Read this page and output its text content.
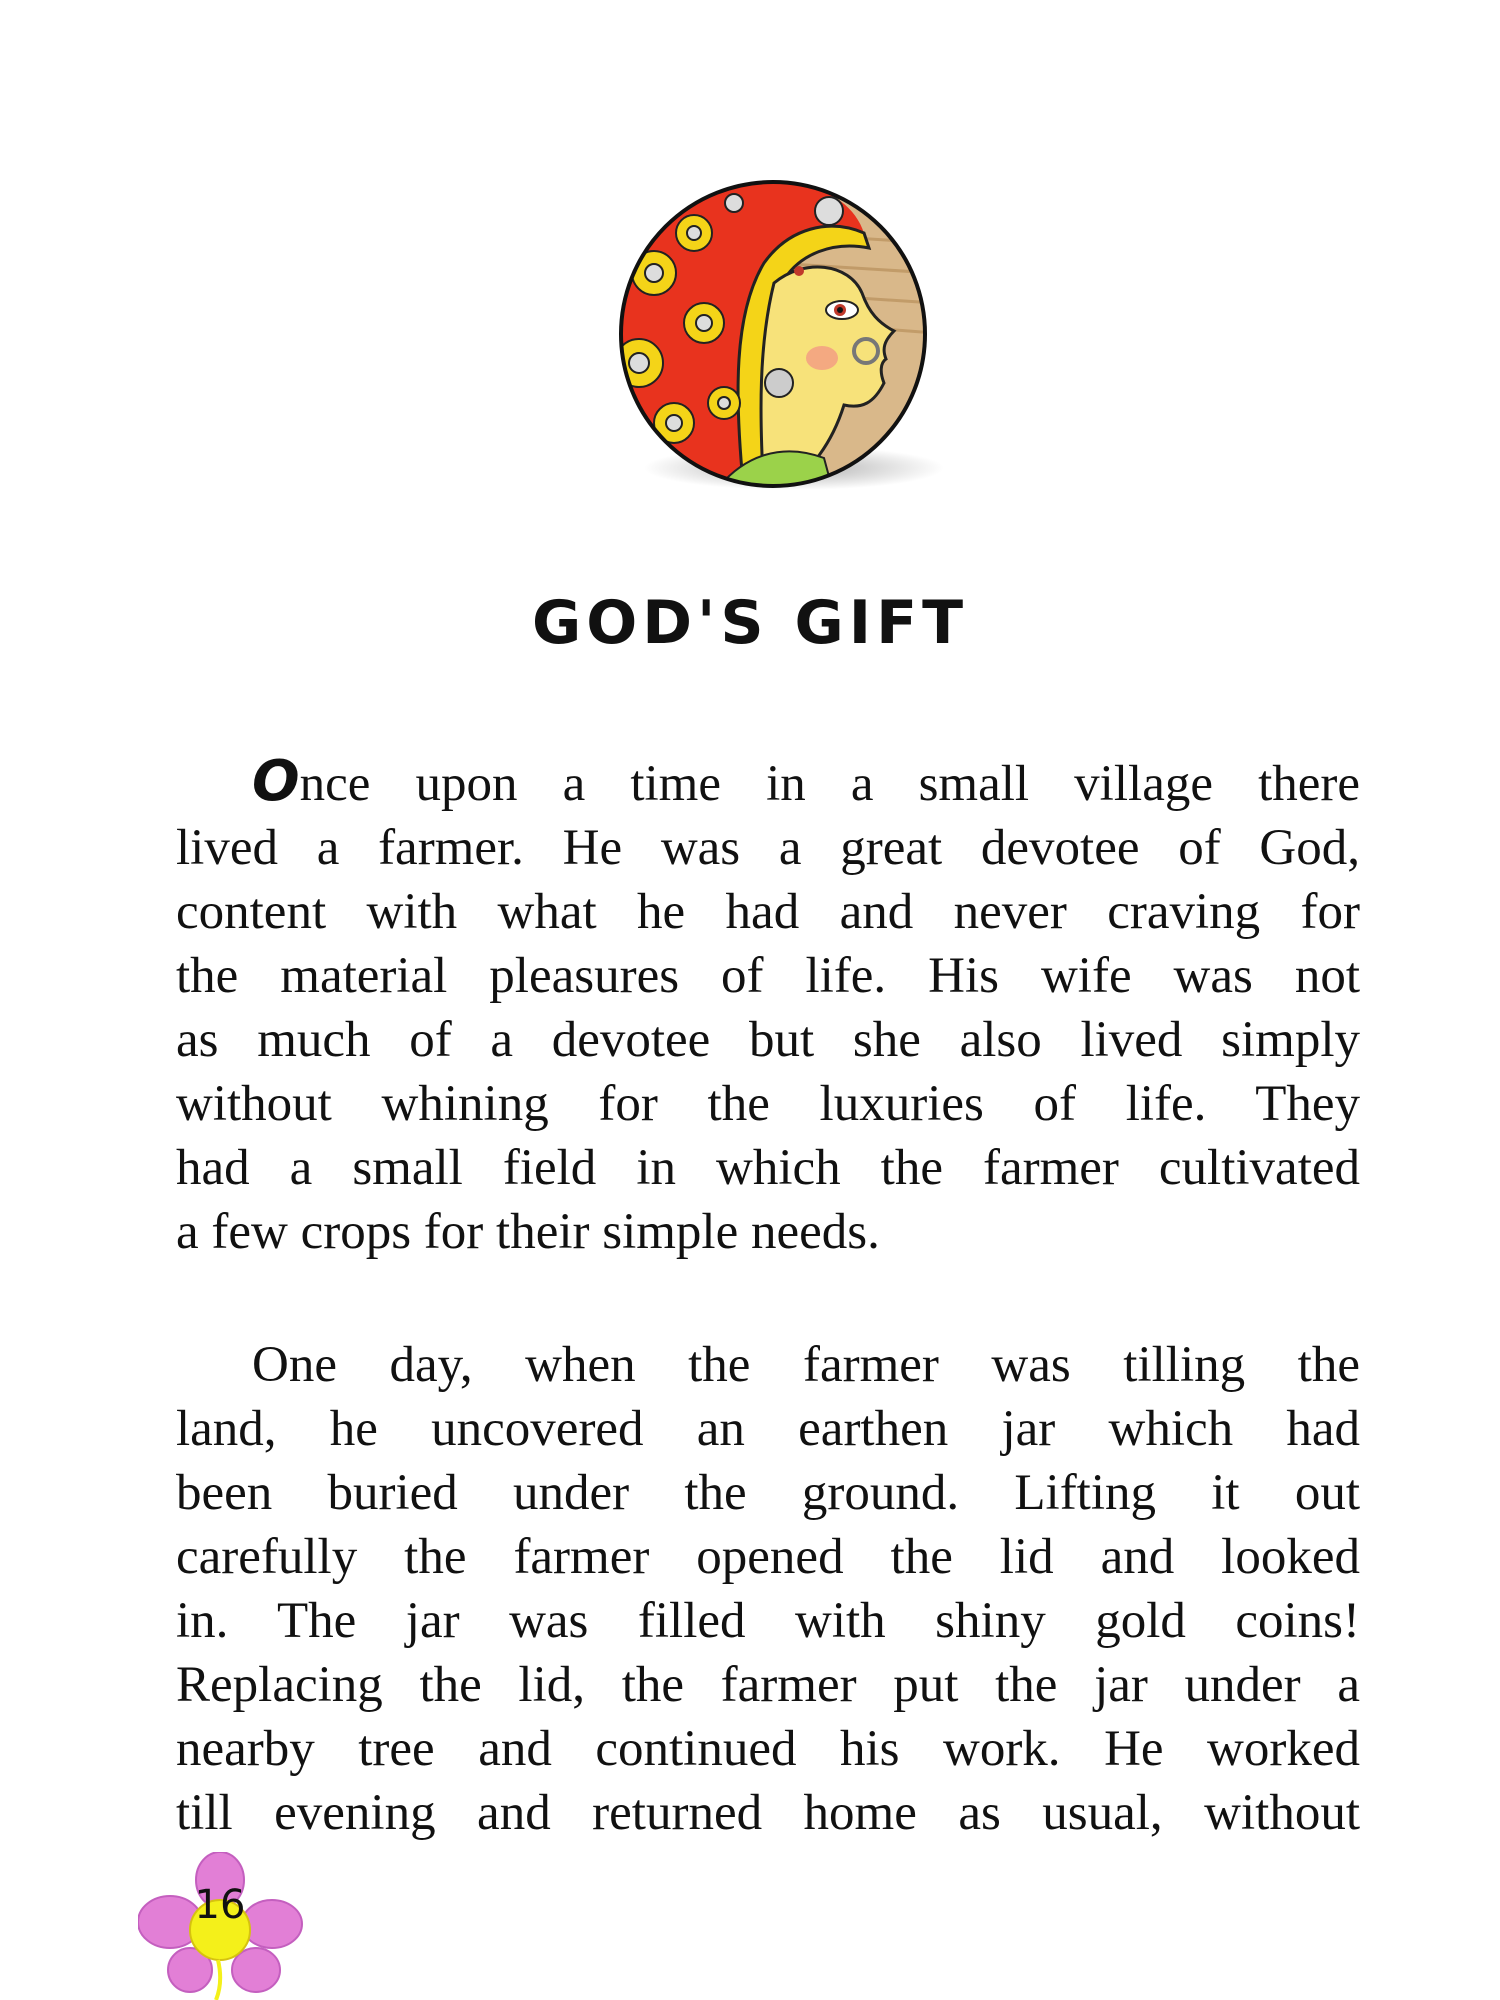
GOD'S GIFT
Once upon a time in a small village there
lived a farmer. He was a great devotee of God,
content with what he had and never craving for
the material pleasures of life. His wife was not
as much of a devotee but she also lived simply
without whining for the luxuries of life. They
had a small field in which the farmer cultivated
a few crops for their simple needs.
One day, when the farmer was tilling the
land, he uncovered an earthen jar which had
been buried under the ground. Lifting it out
carefully the farmer opened the lid and looked
in. The jar was filled with shiny gold coins!
Replacing the lid, the farmer put the jar under a
nearby tree and continued his work. He worked
till evening and returned home as usual, without
16
